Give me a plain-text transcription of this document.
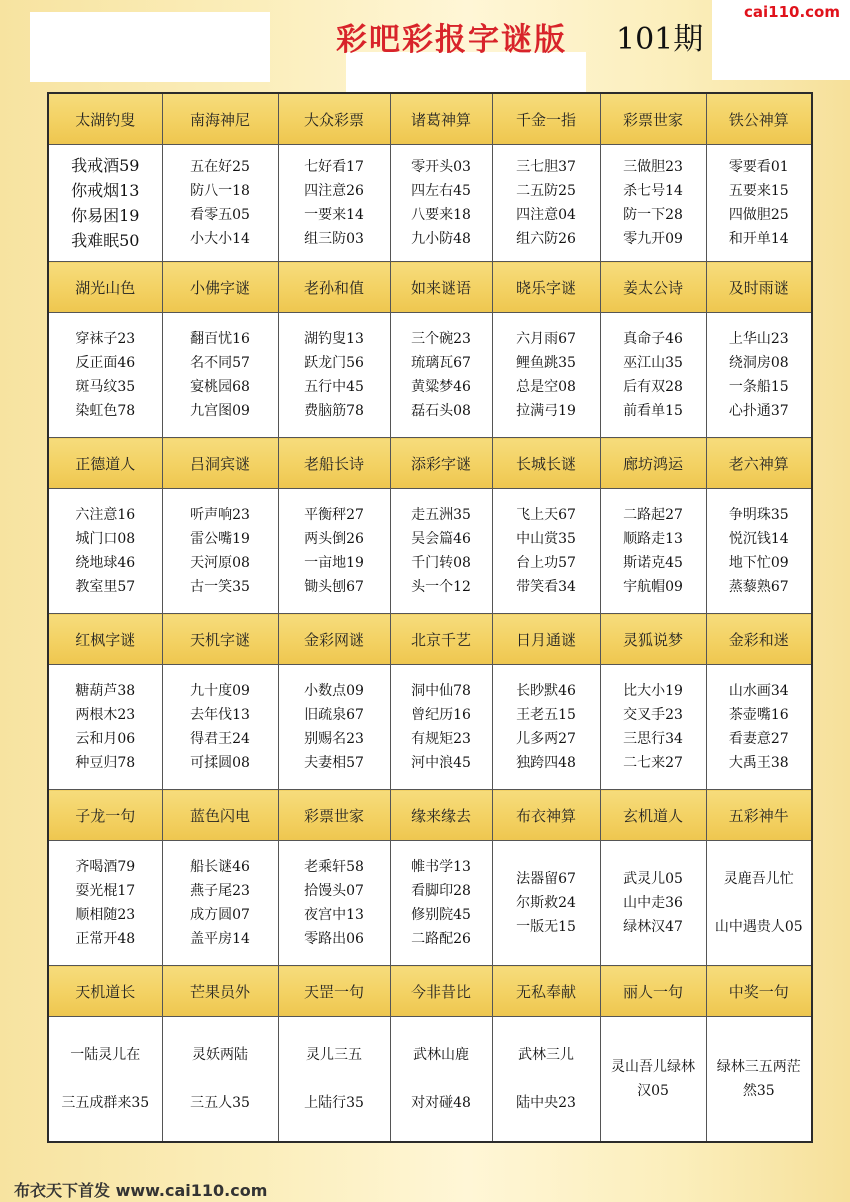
彩吧彩报字谜版 101期
cai110.com
太湖钓叟	南海神尼	大众彩票	诸葛神算	千金一指	彩票世家	铁公神算

我戒酒59
你戒烟13
你易困19
我难眠50	五在好25
防八一18
看零五05
小大小14	七好看17
四注意26
一要来14
组三防03	零开头03
四左右45
八要来18
九小防48	三七胆37
二五防25
四注意04
组六防26	三做胆23
杀七号14
防一下28
零九开09	零要看01
五要来15
四做胆25
和开单14

湖光山色	小佛字谜	老孙和值	如来谜语	晓乐字谜	姜太公诗	及时雨谜

穿袜子23
反正面46
斑马纹35
染虹色78	翻百忧16
名不同57
宴桃园68
九宫图09	湖钓叟13
跃龙门56
五行中45
费脑筋78	三个碗23
琉璃瓦67
黄粱梦46
磊石头08	六月雨67
鲤鱼跳35
总是空08
拉满弓19	真命子46
巫江山35
后有双28
前看单15	上华山23
绕洞房08
一条船15
心扑通37

正德道人	吕洞宾谜	老船长诗	添彩字谜	长城长谜	廊坊鸿运	老六神算

六注意16
城门口08
绕地球46
教室里57	听声响23
雷公嘴19
天河原08
古一笑35	平衡秤27
两头倒26
一亩地19
锄头刨67	走五洲35
吴会篇46
千门转08
头一个12	飞上天67
中山赏35
台上功57
带笑看34	二路起27
顺路走13
斯诺克45
宇航帽09	争明珠35
悦沉钱14
地下忙09
蒸藜熟67

红枫字谜	天机字谜	金彩网谜	北京千艺	日月通谜	灵狐说梦	金彩和迷

糖葫芦38
两根木23
云和月06
种豆归78	九十度09
去年伐13
得君王24
可揉圆08	小数点09
旧疏泉67
别赐名23
夫妻相57	洞中仙78
曾纪历16
有规矩23
河中浪45	长眇默46
王老五15
儿多两27
独跨四48	比大小19
交叉手23
三思行34
二七来27	山水画34
茶壶嘴16
看妻意27
大禹王38

子龙一句	蓝色闪电	彩票世家	缘来缘去	布衣神算	玄机道人	五彩神牛

齐喝酒79
耍光棍17
顺相随23
正常开48	船长谜46
燕子尾23
成方圆07
盖平房14	老乘轩58
拾馒头07
夜宫中13
零路出06	帷书学13
看脚印28
修别院45
二路配26	法器留67
尔斯救24
一版无15	武灵儿05
山中走36
绿林汉47	灵鹿吾儿忙
山中遇贵人05

天机道长	芒果员外	天罡一句	今非昔比	无私奉献	丽人一句	中奖一句

一陆灵儿在
三五成群来35	灵妖两陆
三五人35	灵儿三五
上陆行35	武林山鹿
对对碰48	武林三儿
陆中央23	灵山吾儿绿林汉05	绿林三五两茫然35
布衣天下首发 www.cai110.com
